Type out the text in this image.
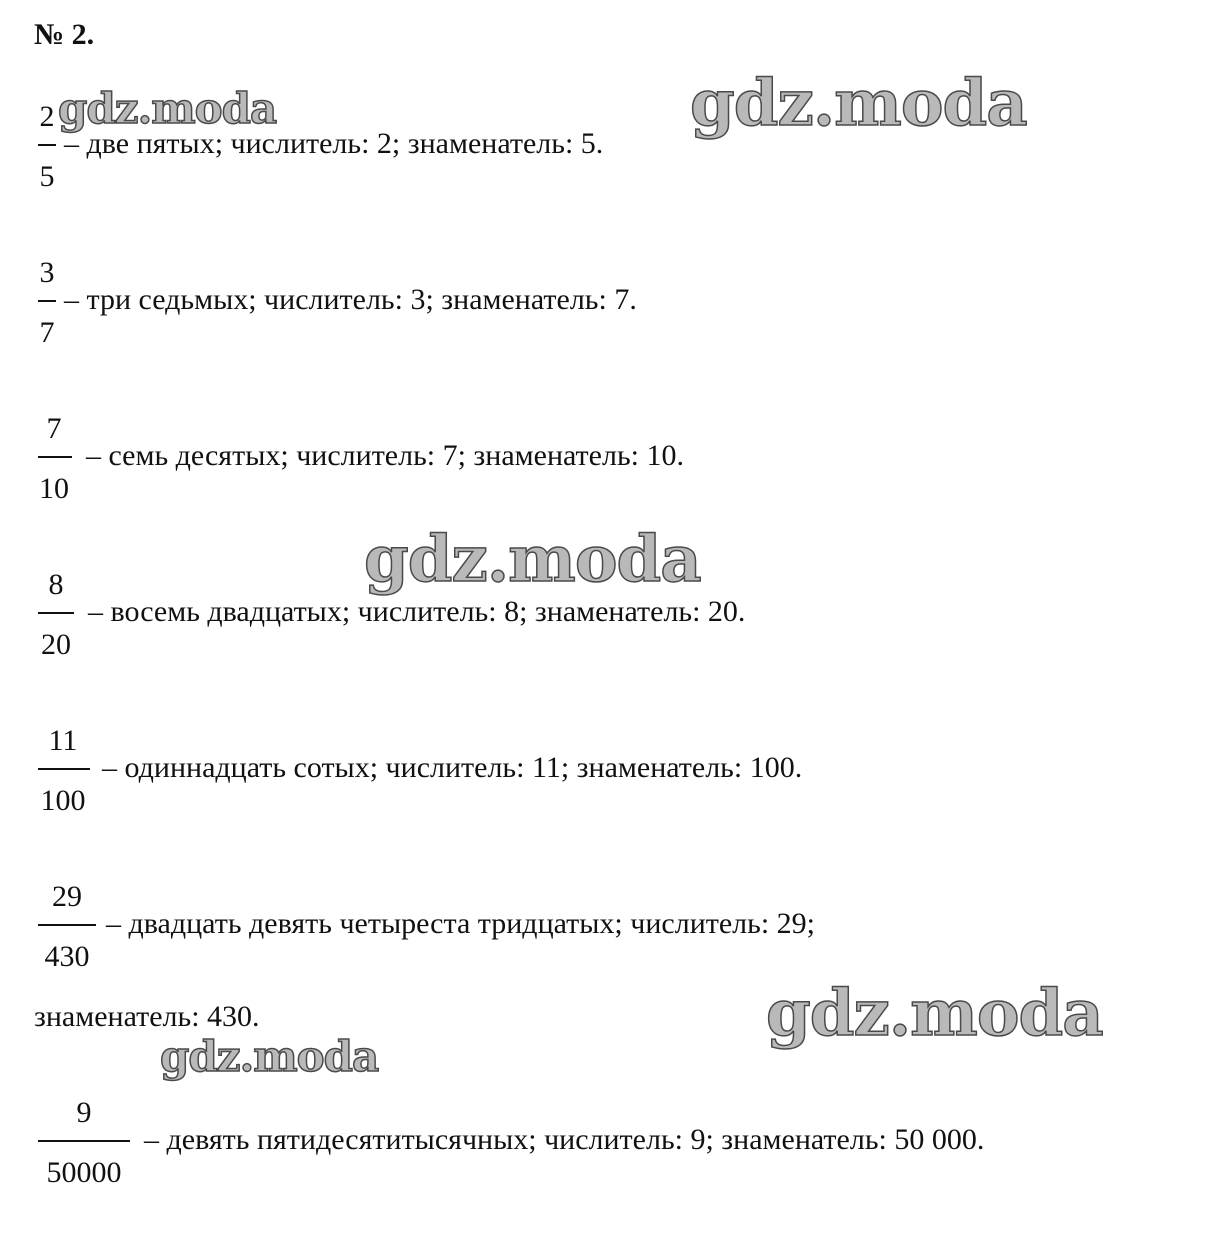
№ 2.
2
5
– две пятых; числитель: 2; знаменатель: 5.
3
7
– три седьмых; числитель: 3; знаменатель: 7.
7
10
– семь десятых; числитель: 7; знаменатель: 10.
8
20
– восемь двадцатых; числитель: 8; знаменатель: 20.
11
100
– одиннадцать сотых; числитель: 11; знаменатель: 100.
29
430
– двадцать девять четыреста тридцатых; числитель: 29;
знаменатель: 430.
9
50000
– девять пятидесятитысячных; числитель: 9; знаменатель: 50 000.
gdz.moda	gdz.moda
gdz.moda
gdz.moda
gdz.moda
